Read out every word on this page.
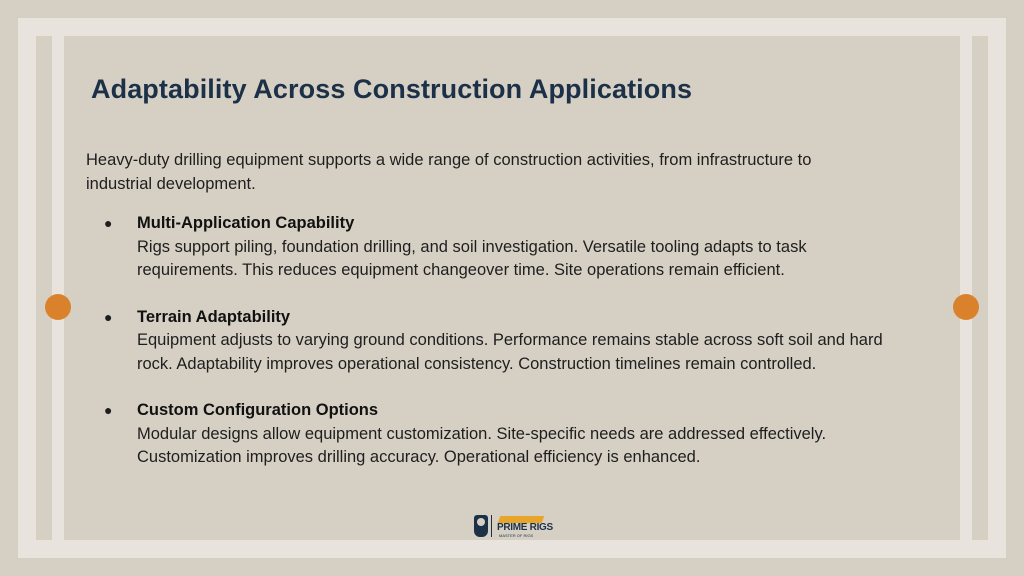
Adaptability Across Construction Applications

Heavy-duty drilling equipment supports a wide range of construction activities, from infrastructure to industrial development.

● Multi-Application Capability
Rigs support piling, foundation drilling, and soil investigation. Versatile tooling adapts to task requirements. This reduces equipment changeover time. Site operations remain efficient.
● Terrain Adaptability
Equipment adjusts to varying ground conditions. Performance remains stable across soft soil and hard rock. Adaptability improves operational consistency. Construction timelines remain controlled.
● Custom Configuration Options
Modular designs allow equipment customization. Site-specific needs are addressed effectively. Customization improves drilling accuracy. Operational efficiency is enhanced.
PRIME RIGS
MASTER OF RIGS
